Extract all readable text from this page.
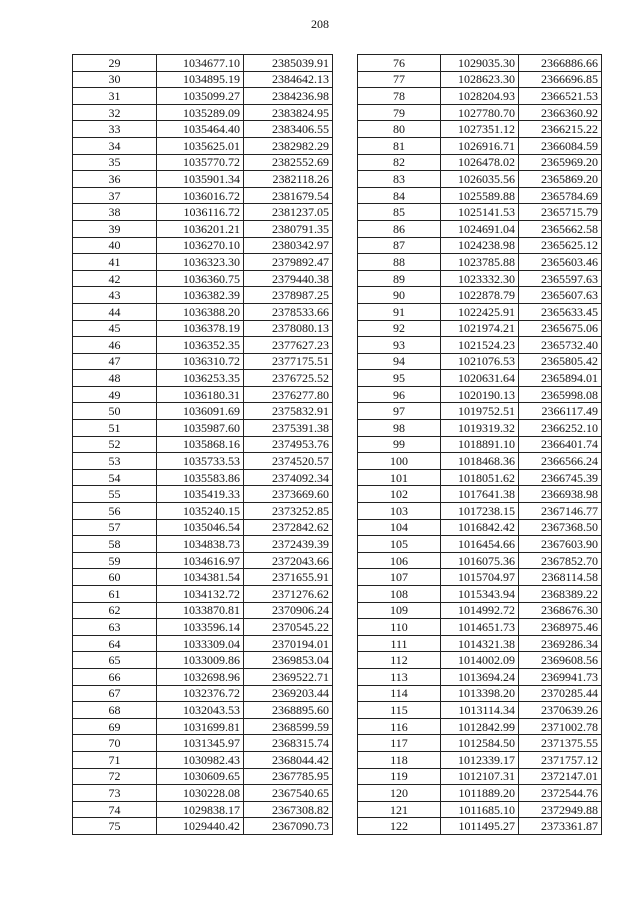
208
29	1034677.10	2385039.91
30	1034895.19	2384642.13
31	1035099.27	2384236.98
32	1035289.09	2383824.95
33	1035464.40	2383406.55
34	1035625.01	2382982.29
35	1035770.72	2382552.69
36	1035901.34	2382118.26
37	1036016.72	2381679.54
38	1036116.72	2381237.05
39	1036201.21	2380791.35
40	1036270.10	2380342.97
41	1036323.30	2379892.47
42	1036360.75	2379440.38
43	1036382.39	2378987.25
44	1036388.20	2378533.66
45	1036378.19	2378080.13
46	1036352.35	2377627.23
47	1036310.72	2377175.51
48	1036253.35	2376725.52
49	1036180.31	2376277.80
50	1036091.69	2375832.91
51	1035987.60	2375391.38
52	1035868.16	2374953.76
53	1035733.53	2374520.57
54	1035583.86	2374092.34
55	1035419.33	2373669.60
56	1035240.15	2373252.85
57	1035046.54	2372842.62
58	1034838.73	2372439.39
59	1034616.97	2372043.66
60	1034381.54	2371655.91
61	1034132.72	2371276.62
62	1033870.81	2370906.24
63	1033596.14	2370545.22
64	1033309.04	2370194.01
65	1033009.86	2369853.04
66	1032698.96	2369522.71
67	1032376.72	2369203.44
68	1032043.53	2368895.60
69	1031699.81	2368599.59
70	1031345.97	2368315.74
71	1030982.43	2368044.42
72	1030609.65	2367785.95
73	1030228.08	2367540.65
74	1029838.17	2367308.82
75	1029440.42	2367090.73
76	1029035.30	2366886.66
77	1028623.30	2366696.85
78	1028204.93	2366521.53
79	1027780.70	2366360.92
80	1027351.12	2366215.22
81	1026916.71	2366084.59
82	1026478.02	2365969.20
83	1026035.56	2365869.20
84	1025589.88	2365784.69
85	1025141.53	2365715.79
86	1024691.04	2365662.58
87	1024238.98	2365625.12
88	1023785.88	2365603.46
89	1023332.30	2365597.63
90	1022878.79	2365607.63
91	1022425.91	2365633.45
92	1021974.21	2365675.06
93	1021524.23	2365732.40
94	1021076.53	2365805.42
95	1020631.64	2365894.01
96	1020190.13	2365998.08
97	1019752.51	2366117.49
98	1019319.32	2366252.10
99	1018891.10	2366401.74
100	1018468.36	2366566.24
101	1018051.62	2366745.39
102	1017641.38	2366938.98
103	1017238.15	2367146.77
104	1016842.42	2367368.50
105	1016454.66	2367603.90
106	1016075.36	2367852.70
107	1015704.97	2368114.58
108	1015343.94	2368389.22
109	1014992.72	2368676.30
110	1014651.73	2368975.46
111	1014321.38	2369286.34
112	1014002.09	2369608.56
113	1013694.24	2369941.73
114	1013398.20	2370285.44
115	1013114.34	2370639.26
116	1012842.99	2371002.78
117	1012584.50	2371375.55
118	1012339.17	2371757.12
119	1012107.31	2372147.01
120	1011889.20	2372544.76
121	1011685.10	2372949.88
122	1011495.27	2373361.87
